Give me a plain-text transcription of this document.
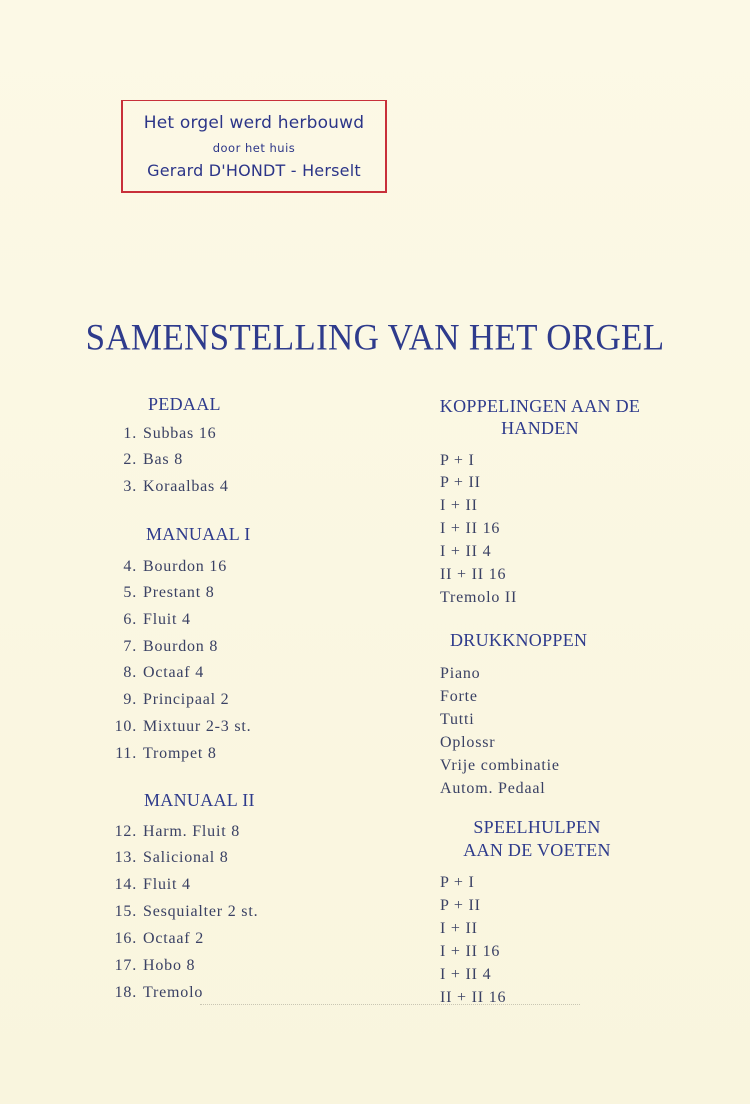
Het orgel werd herbouwd
door het huis
Gerard D'HONDT - Herselt
SAMENSTELLING VAN HET ORGEL
PEDAAL
1. Subbas 16
2. Bas 8
3. Koraalbas 4
MANUAAL I
4. Bourdon 16
5. Prestant 8
6. Fluit 4
7. Bourdon 8
8. Octaaf 4
9. Principaal 2
10. Mixtuur 2-3 st.
11. Trompet 8
MANUAAL II
12. Harm. Fluit 8
13. Salicional 8
14. Fluit 4
15. Sesquialter 2 st.
16. Octaaf 2
17. Hobo 8
18. Tremolo
KOPPELINGEN AAN DE
HANDEN
P + I
P + II
I + II
I + II 16
I + II 4
II + II 16
Tremolo II
DRUKKNOPPEN
Piano
Forte
Tutti
Oplossr
Vrije combinatie
Autom. Pedaal
SPEELHULPEN
AAN DE VOETEN
P + I
P + II
I + II
I + II 16
I + II 4
II + II 16
